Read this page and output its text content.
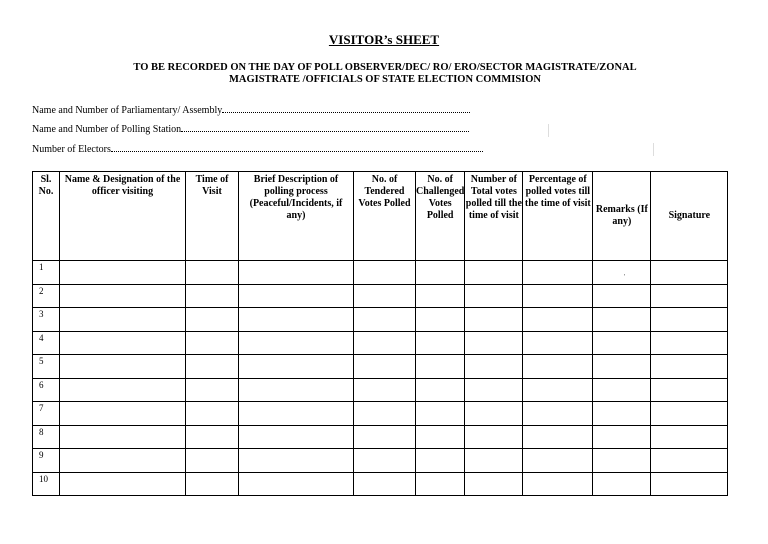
VISITOR’s SHEET
TO BE RECORDED ON THE DAY OF POLL OBSERVER/DEC/ RO/ ERO/SECTOR MAGISTRATE/ZONAL
MAGISTRATE /OFFICIALS OF STATE ELECTION COMMISION
Name and Number of Parliamentary/ Assembly
Name and Number of Polling Station
Number of Electors
Sl. No.	Name & Designation of the officer visiting	Time of Visit	Brief Description of polling process (Peaceful/Incidents, if any)	No. of Tendered Votes Polled	No. of Challenged Votes Polled	Number of Total votes polled till the time of visit	Percentage of polled votes till the time of visit	Remarks (If any)	Signature
1									
2									
3									
4									
5									
6									
7									
8									
9									
10									
'
